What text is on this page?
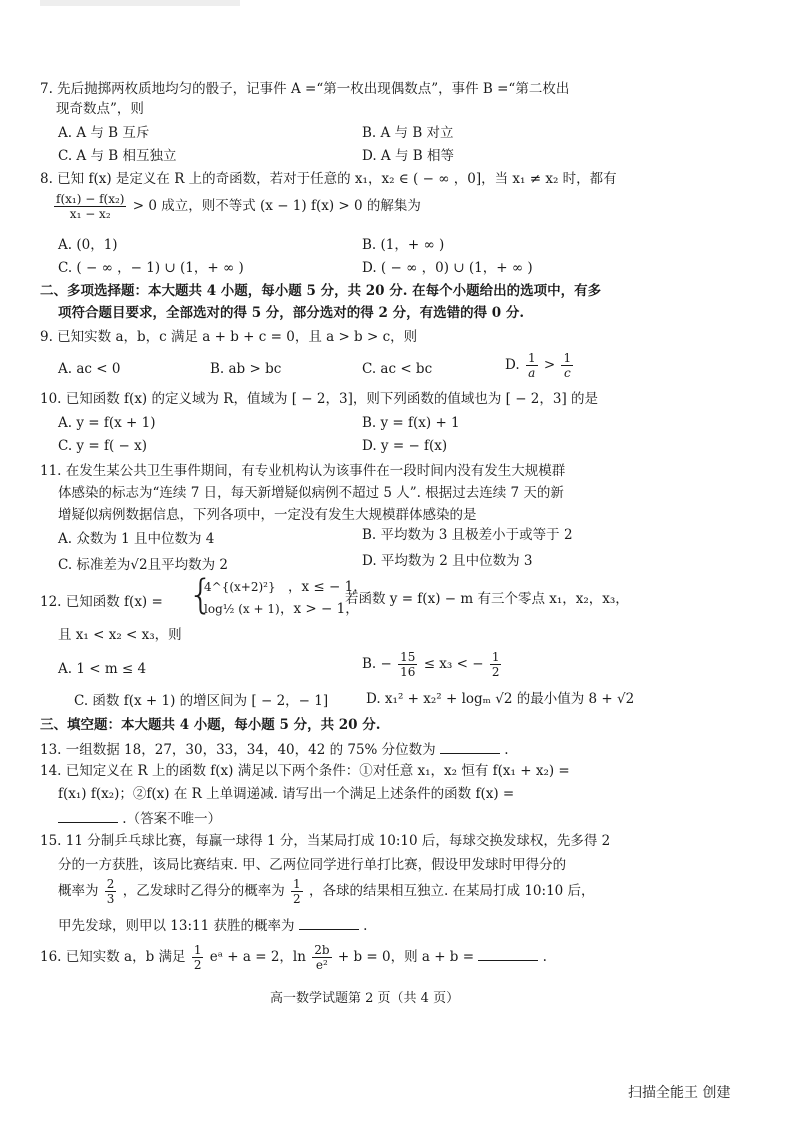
7. 先后抛掷两枚质地均匀的骰子，记事件 A =“第一枚出现偶数点”，事件 B =“第二枚出
现奇数点”，则
A. A 与 B 互斥	B. A 与 B 对立
C. A 与 B 相互独立	D. A 与 B 相等
8. 已知 f(x) 是定义在 R 上的奇函数，若对于任意的 x₁，x₂ ∈ ( − ∞ ，0]，当 x₁ ≠ x₂ 时，都有
$\frac{\text{f(x₁) − f(x₂)}}{\text{x₁ − x₂}} > 0$ 成立，则不等式 (x − 1) f(x) > 0 的解集为
A. (0，1)	B. (1，+ ∞ )
C. ( − ∞ ，− 1) ∪ (1，+ ∞ )	D. ( − ∞ ，0) ∪ (1，+ ∞ )
二、多项选择题：本大题共 4 小题，每小题 5 分，共 20 分. 在每个小题给出的选项中，有多
项符合题目要求，全部选对的得 5 分，部分选对的得 2 分，有选错的得 0 分.
9. 已知实数 a，b，c 满足 a + b + c = 0，且 a > b > c，则
A. ac < 0	B. ab > bc	C. ac < bc	D. $\frac{1}{a} > \frac{1}{c}$
10. 已知函数 f(x) 的定义域为 R，值域为 [ − 2，3]，则下列函数的值域也为 [ − 2，3] 的是
A. y = f(x + 1)	B. y = f(x) + 1
C. y = f( − x)	D. y = − f(x)
11. 在发生某公共卫生事件期间，有专业机构认为该事件在一段时间内没有发生大规模群
体感染的标志为“连续 7 日，每天新增疑似病例不超过 5 人”. 根据过去连续 7 天的新
增疑似病例数据信息，下列各项中，一定没有发生大规模群体感染的是
A. 众数为 1 且中位数为 4	B. 平均数为 3 且极差小于或等于 2
C. 标准差为√2且平均数为 2	D. 平均数为 2 且中位数为 3
12. 已知函数 f(x) = {
4^{(x+2)²} ，x ≤ − 1，
log½ (x + 1) ，x > − 1，
若函数 y = f(x) − m 有三个零点 x₁，x₂，x₃，
且 x₁ < x₂ < x₃，则
A. 1 < m ≤ 4	B. − $\frac{15}{16} \le x_3$ < − $\frac{1}{2}$
C. 函数 f(x + 1) 的增区间为 [ − 2，− 1]	D. x₁² + x₂² + logₘ √2 的最小值为 8 + √2
三、填空题：本大题共 4 小题，每小题 5 分，共 20 分.
13. 一组数据 18，27，30，33，34，40，42 的 75% 分位数为	.
14. 已知定义在 R 上的函数 f(x) 满足以下两个条件：①对任意 x₁，x₂ 恒有 f(x₁ + x₂) =
f(x₁) f(x₂)；②f(x) 在 R 上单调递减. 请写出一个满足上述条件的函数 f(x) =
.（答案不唯一）
15. 11 分制乒乓球比赛，每赢一球得 1 分，当某局打成 10:10 后，每球交换发球权，先多得 2
分的一方获胜，该局比赛结束. 甲、乙两位同学进行单打比赛，假设甲发球时甲得分的
概率为 $\frac{2}{3}$ ，乙发球时乙得分的概率为 $\frac{1}{2}$ ，各球的结果相互独立. 在某局打成 10:10 后，
甲先发球，则甲以 13:11 获胜的概率为	.
16. 已知实数 a，b 满足 $\frac{1}{2}$ eᵃ + a = 2，$\ln \frac{2b}{\text{e²}} + b = 0$，则 a + b =	.
高一数学试题第 2 页（共 4 页）
扫描全能王 创建
